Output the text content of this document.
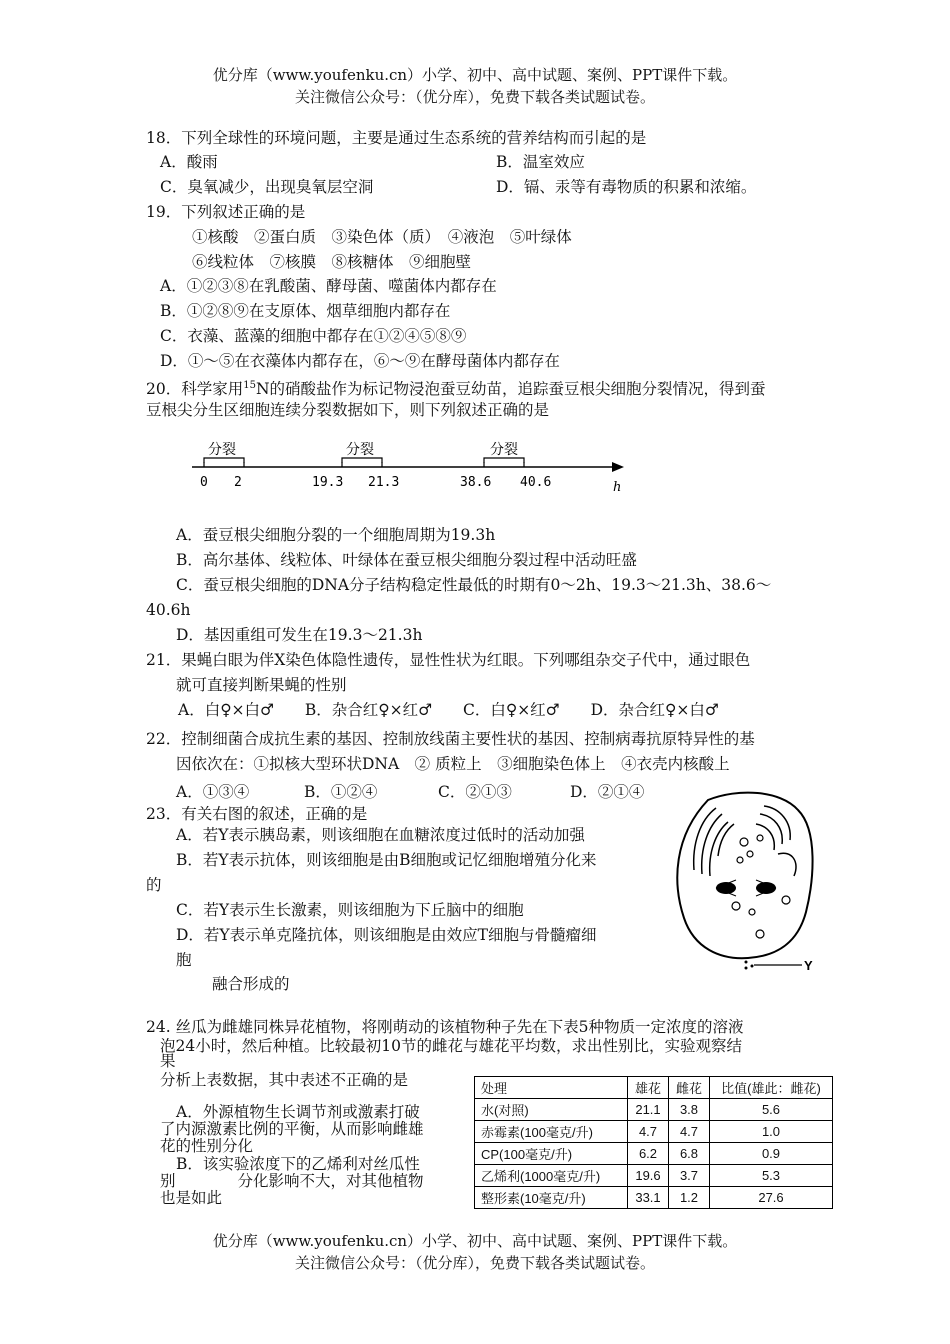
优分库（www.youfenku.cn）小学、初中、高中试题、案例、PPT课件下载。
关注微信公众号：（优分库），免费下载各类试题试卷。
18．下列全球性的环境问题，主要是通过生态系统的营养结构而引起的是
A．酸雨	B．温室效应
C．臭氧减少，出现臭氧层空洞	D．镉、汞等有毒物质的积累和浓缩。
19．下列叙述正确的是
①核酸　②蛋白质　③染色体（质）　④液泡　⑤叶绿体
⑥线粒体　⑦核膜　⑧核糖体　⑨细胞壁
A．①②③⑧在乳酸菌、酵母菌、噬菌体内都存在
B．①②⑧⑨在支原体、烟草细胞内都存在
C．衣藻、蓝藻的细胞中都存在①②④⑤⑧⑨
D．①～⑤在衣藻体内都存在，⑥～⑨在酵母菌体内都存在
20．科学家用$^{15}$N的硝酸盐作为标记物浸泡蚕豆幼苗，追踪蚕豆根尖细胞分裂情况，得到蚕
豆根尖分生区细胞连续分裂数据如下，则下列叙述正确的是
分裂	分裂	分裂
0 2	19.3 21.3	38.6 40.6	h
A．蚕豆根尖细胞分裂的一个细胞周期为19.3h
B．高尔基体、线粒体、叶绿体在蚕豆根尖细胞分裂过程中活动旺盛
C．蚕豆根尖细胞的DNA分子结构稳定性最低的时期有0～2h、19.3～21.3h、38.6～
40.6h
D．基因重组可发生在19.3～21.3h
21．果蝇白眼为伴X染色体隐性遗传，显性性状为红眼。下列哪组杂交子代中，通过眼色
就可直接判断果蝇的性别
A．白♀×白♂　　B．杂合红♀×红♂　　C．白♀×红♂　　D．杂合红♀×白♂
22．控制细菌合成抗生素的基因、控制放线菌主要性状的基因、控制病毒抗原特异性的基
因依次在：①拟核大型环状DNA　② 质粒上　③细胞染色体上　④衣壳内核酸上
A．①③④	B．①②④	C．②①③	D．②①④
23．有关右图的叙述，正确的是
A．若Y表示胰岛素，则该细胞在血糖浓度过低时的活动加强
B．若Y表示抗体，则该细胞是由B细胞或记忆细胞增殖分化来
的
C．若Y表示生长激素，则该细胞为下丘脑中的细胞
D．若Y表示单克隆抗体，则该细胞是由效应T细胞与骨髓瘤细
胞
融合形成的
Y
24. 丝瓜为雌雄同株异花植物，将刚萌动的该植物种子先在下表5种物质一定浓度的溶液
泡24小时，然后种植。比较最初10节的雌花与雄花平均数，求出性别比，实验观察结
果
分析上表数据，其中表述不正确的是
A．外源植物生长调节剂或激素打破
了内源激素比例的平衡，从而影响雌雄
花的性别分化
B．该实验浓度下的乙烯利对丝瓜性
别　　　　分化影响不大，对其他植物
也是如此
处理	雄花	雌花	比值(雄此：雌花)
水(对照)	21.1	3.8	5.6
赤霉素(100毫克/升)	4.7	4.7	1.0
CP(100毫克/升)	6.2	6.8	0.9
乙烯利(1000毫克/升)	19.6	3.7	5.3
整形素(10毫克/升)	33.1	1.2	27.6
优分库（www.youfenku.cn）小学、初中、高中试题、案例、PPT课件下载。
关注微信公众号：（优分库），免费下载各类试题试卷。
